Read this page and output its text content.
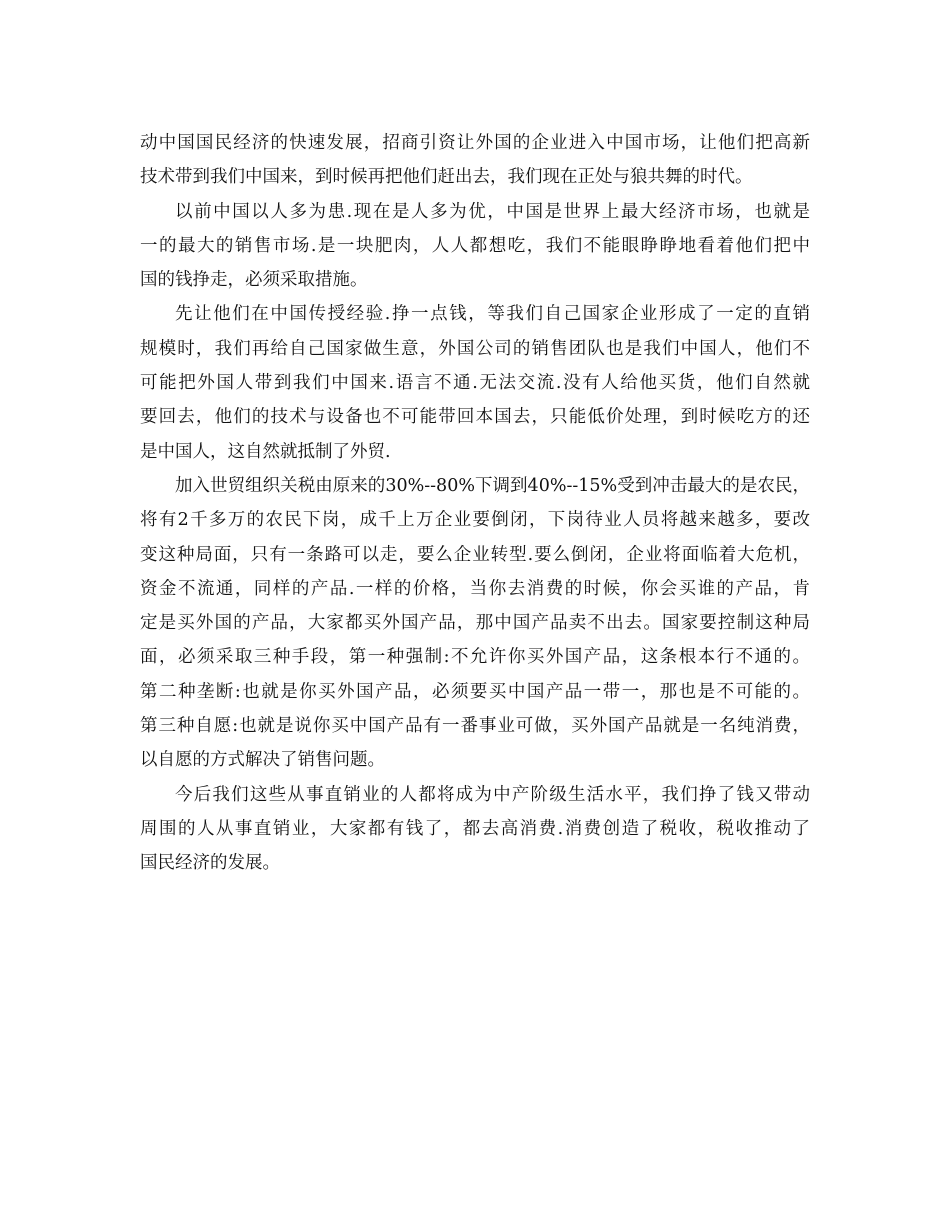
动中国国民经济的快速发展，招商引资让外国的企业进入中国市场，让他们把高新
技术带到我们中国来，到时候再把他们赶出去，我们现在正处与狼共舞的时代。
以前中国以人多为患.现在是人多为优，中国是世界上最大经济市场，也就是
一的最大的销售市场.是一块肥肉，人人都想吃，我们不能眼睁睁地看着他们把中
国的钱挣走，必须采取措施。
先让他们在中国传授经验.挣一点钱，等我们自己国家企业形成了一定的直销
规模时，我们再给自己国家做生意，外国公司的销售团队也是我们中国人，他们不
可能把外国人带到我们中国来.语言不通.无法交流.没有人给他买货，他们自然就
要回去，他们的技术与设备也不可能带回本国去，只能低价处理，到时候吃方的还
是中国人，这自然就抵制了外贸.
加入世贸组织关税由原来的30%--80%下调到40%--15%受到冲击最大的是农民，
将有2千多万的农民下岗，成千上万企业要倒闭，下岗待业人员将越来越多，要改
变这种局面，只有一条路可以走，要么企业转型.要么倒闭，企业将面临着大危机，
资金不流通，同样的产品.一样的价格，当你去消费的时候，你会买谁的产品，肯
定是买外国的产品，大家都买外国产品，那中国产品卖不出去。国家要控制这种局
面，必须采取三种手段，第一种强制:不允许你买外国产品，这条根本行不通的。
第二种垄断:也就是你买外国产品，必须要买中国产品一带一，那也是不可能的。
第三种自愿:也就是说你买中国产品有一番事业可做，买外国产品就是一名纯消费，
以自愿的方式解决了销售问题。
今后我们这些从事直销业的人都将成为中产阶级生活水平，我们挣了钱又带动
周围的人从事直销业，大家都有钱了，都去高消费.消费创造了税收，税收推动了
国民经济的发展。
